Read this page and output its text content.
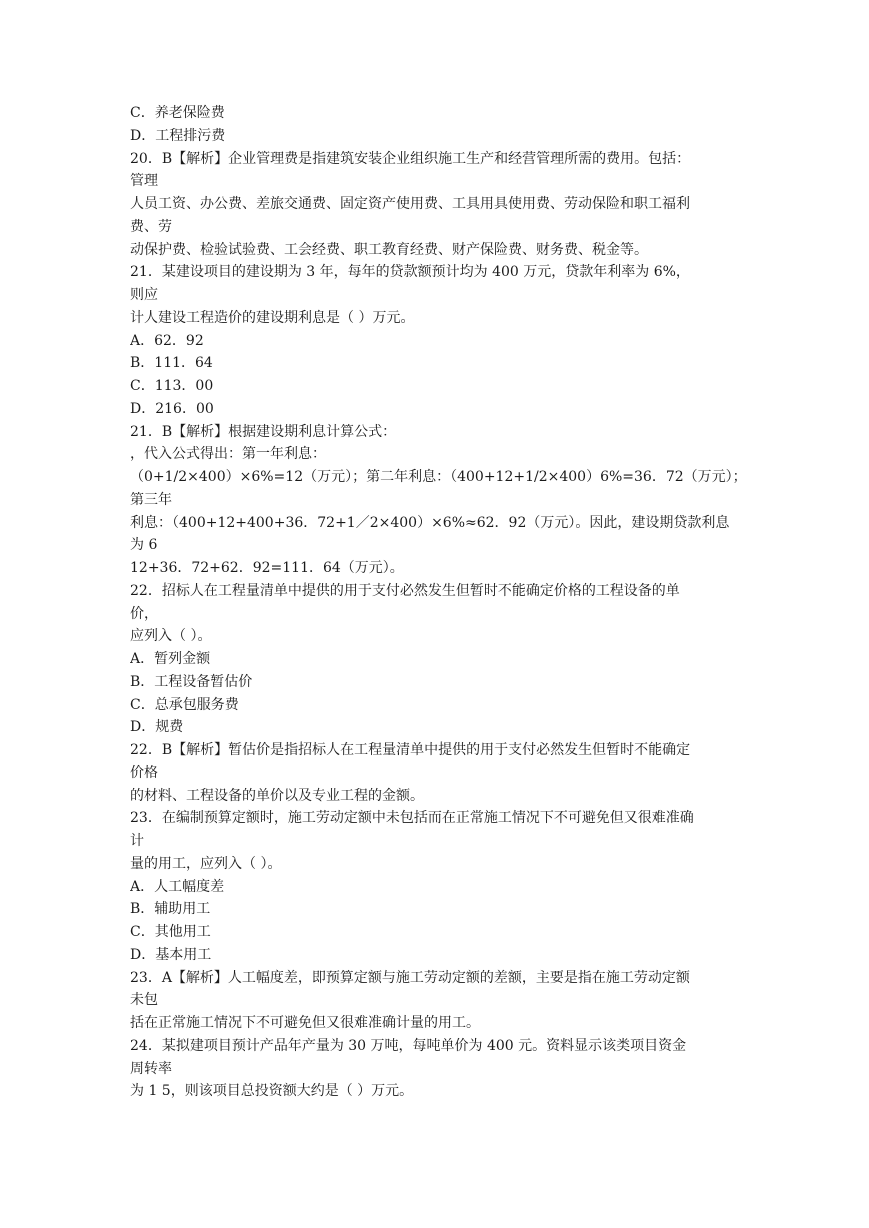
C．养老保险费
D．工程排污费
20．B【解析】企业管理费是指建筑安装企业组织施工生产和经营管理所需的费用。包括：
管理
人员工资、办公费、差旅交通费、固定资产使用费、工具用具使用费、劳动保险和职工福利
费、劳
动保护费、检验试验费、工会经费、职工教育经费、财产保险费、财务费、税金等。
21．某建设项目的建设期为 3 年，每年的贷款额预计均为 400 万元，贷款年利率为 6%，
则应
计人建设工程造价的建设期利息是（ ）万元。
A．62．92
B．111．64
C．113．00
D．216．00
21．B【解析】根据建设期利息计算公式：
，代入公式得出：第一年利息：
（0+1/2×400）×6%=12（万元）；第二年利息：（400+12+1/2×400）6%=36．72（万元）；
第三年
利息：（400+12+400+36．72+1／2×400）×6%≈62．92（万元）。因此，建设期贷款利息
为 6
12+36．72+62．92=111．64（万元）。
22．招标人在工程量清单中提供的用于支付必然发生但暂时不能确定价格的工程设备的单
价，
应列入（ ）。
A．暂列金额
B．工程设备暂估价
C．总承包服务费
D．规费
22．B【解析】暂估价是指招标人在工程量清单中提供的用于支付必然发生但暂时不能确定
价格
的材料、工程设备的单价以及专业工程的金额。
23．在编制预算定额时，施工劳动定额中未包括而在正常施工情况下不可避免但又很难准确
计
量的用工，应列入（ ）。
A．人工幅度差
B．辅助用工
C．其他用工
D．基本用工
23．A【解析】人工幅度差，即预算定额与施工劳动定额的差额，主要是指在施工劳动定额
未包
括在正常施工情况下不可避免但又很难准确计量的用工。
24．某拟建项目预计产品年产量为 30 万吨，每吨单价为 400 元。资料显示该类项目资金
周转率
为 1 5，则该项目总投资额大约是（ ）万元。
